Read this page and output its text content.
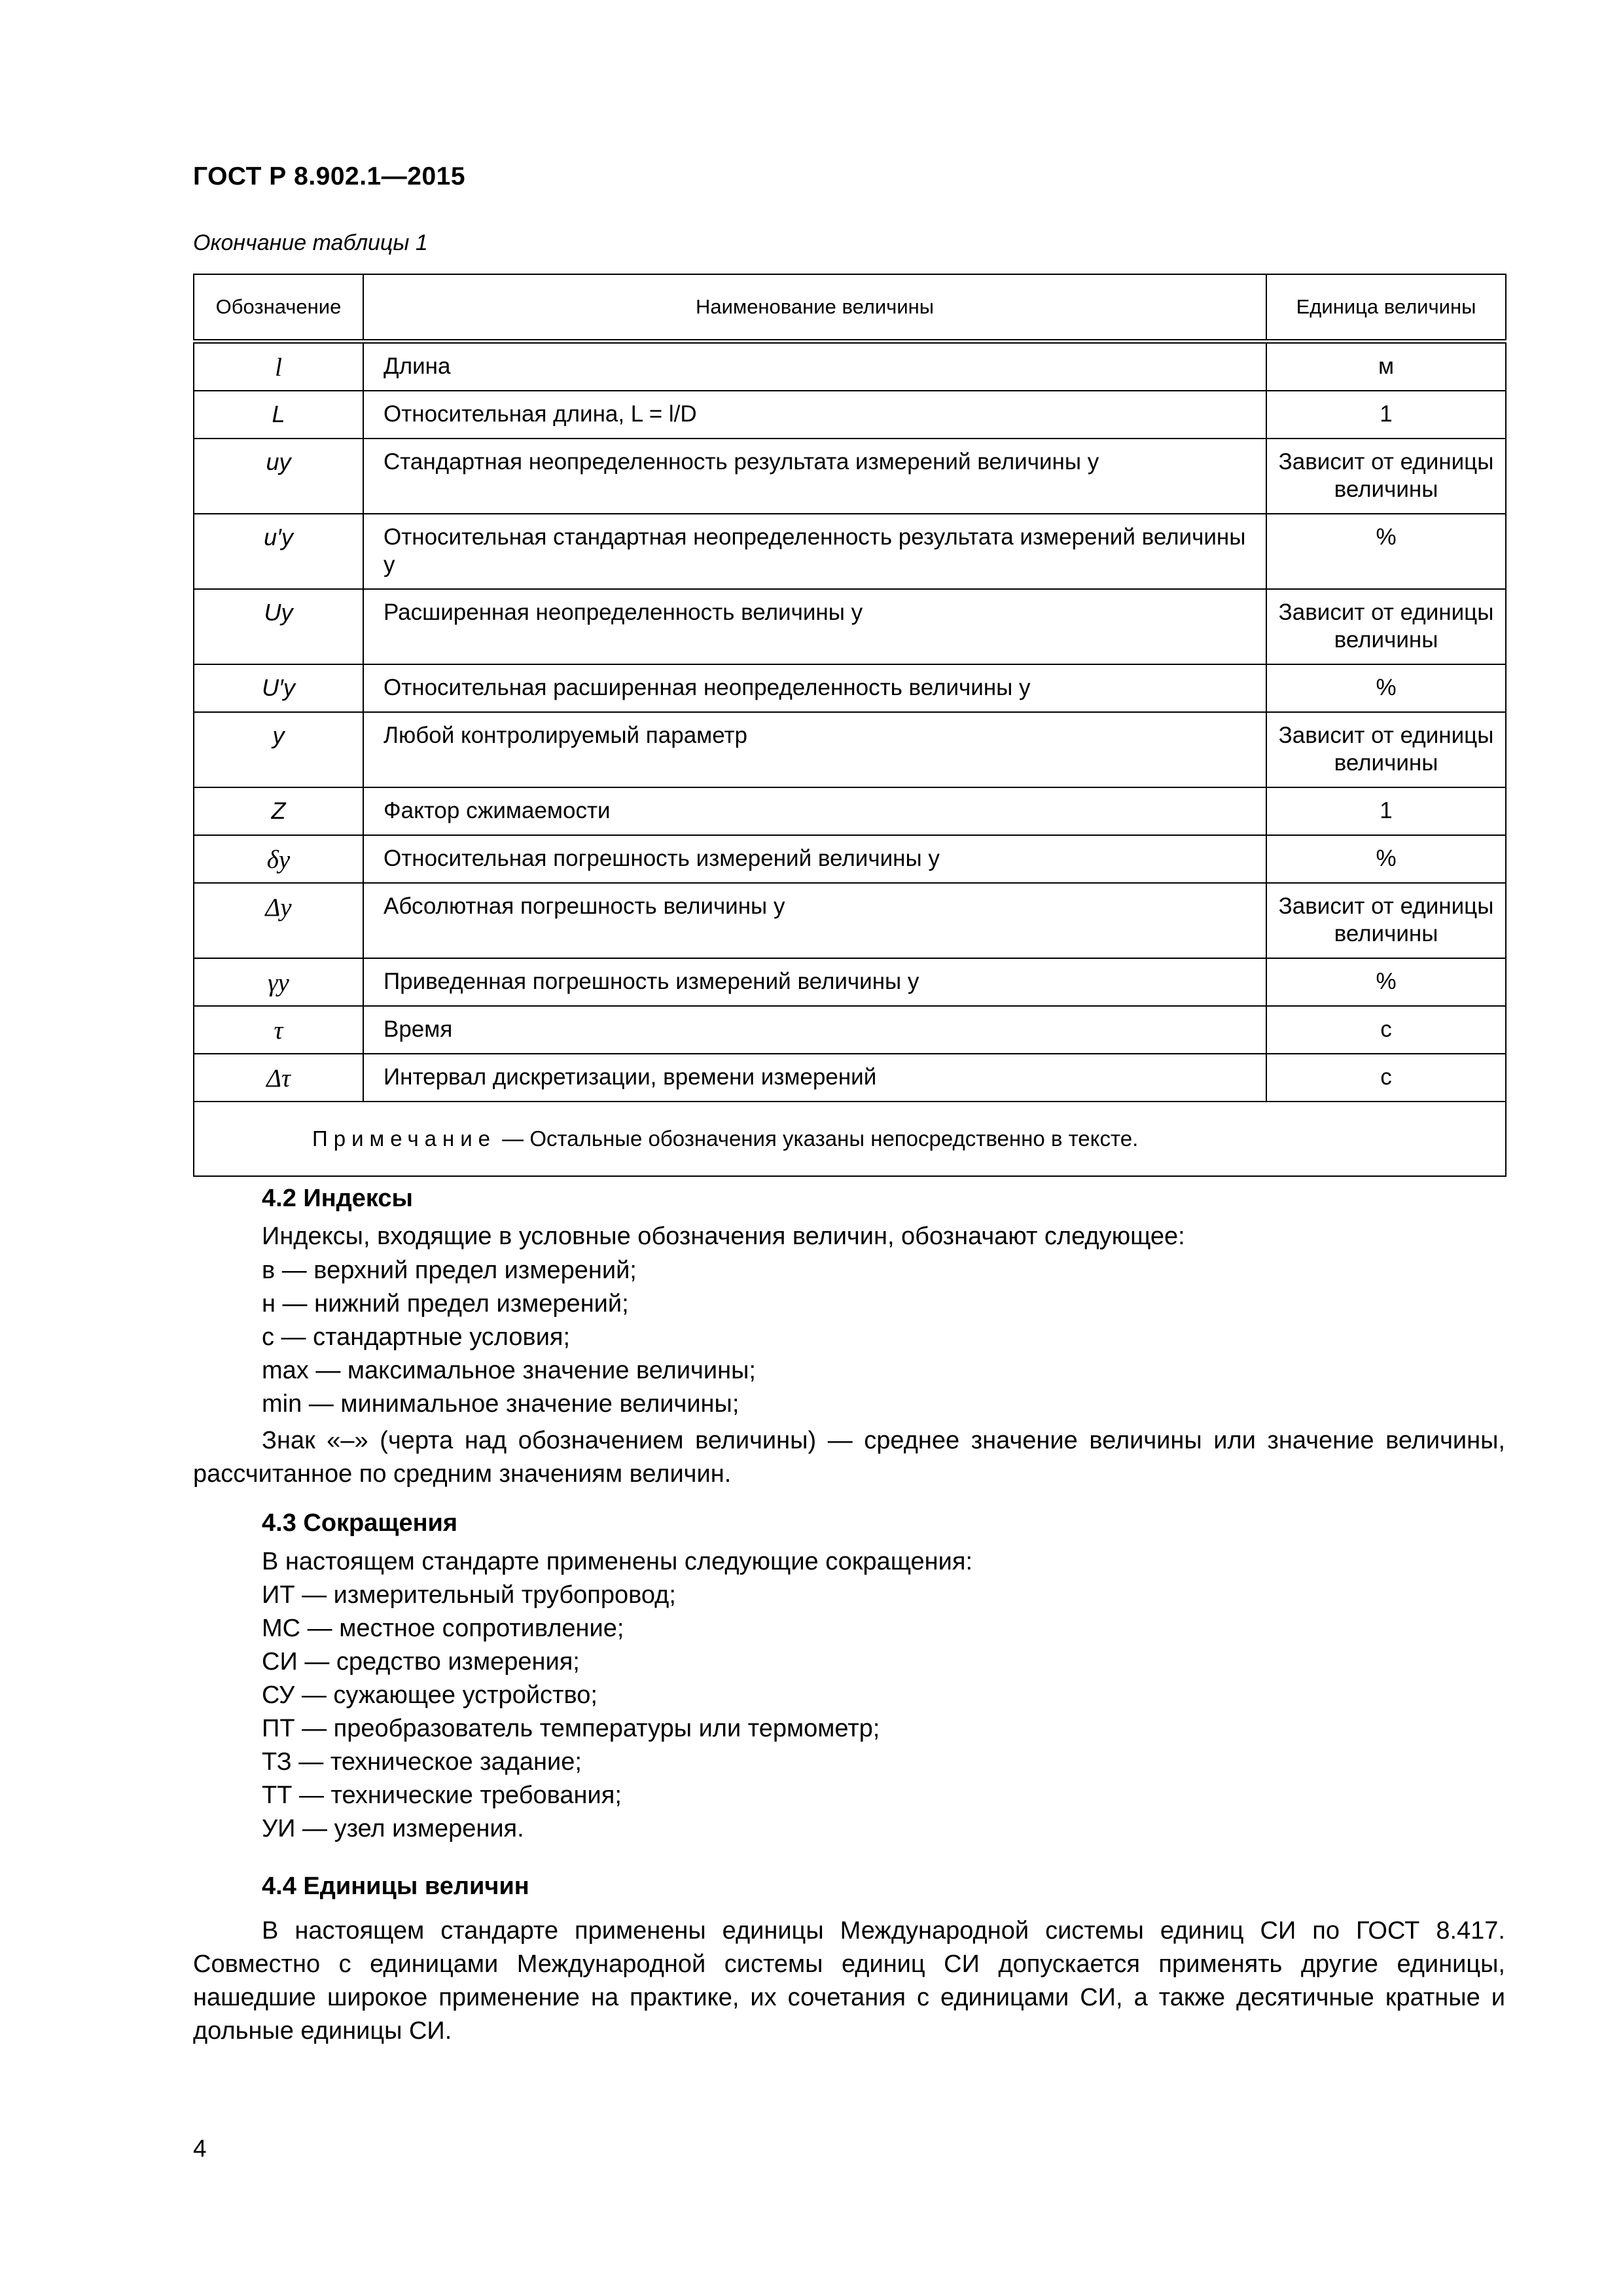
ГОСТ Р 8.902.1—2015
Окончание таблицы 1
Обозначение	Наименование величины	Единица величины
l	Длина	м
L	Относительная длина, L = l/D	1
uy	Стандартная неопределенность результата измерений величины y	Зависит от единицы величины
u′y	Относительная стандартная неопределенность результата измерений величины y	%
Uy	Расширенная неопределенность величины y	Зависит от единицы величины
U′y	Относительная расширенная неопределенность величины y	%
y	Любой контролируемый параметр	Зависит от единицы величины
Z	Фактор сжимаемости	1
δy	Относительная погрешность измерений величины y	%
Δy	Абсолютная погрешность величины y	Зависит от единицы величины
γy	Приведенная погрешность измерений величины y	%
τ	Время	с
Δτ	Интервал дискретизации, времени измерений	с
Примечание — Остальные обозначения указаны непосредственно в тексте.		
4.2 Индексы
Индексы, входящие в условные обозначения величин, обозначают следующее:
в — верхний предел измерений;
н — нижний предел измерений;
с — стандартные условия;
max — максимальное значение величины;
min — минимальное значение величины;
Знак «–» (черта над обозначением величины) — среднее значение величины или значение величины, рассчитанное по средним значениям величин.
4.3 Сокращения
В настоящем стандарте применены следующие сокращения:
ИТ — измерительный трубопровод;
МС — местное сопротивление;
СИ — средство измерения;
СУ — сужающее устройство;
ПТ — преобразователь температуры или термометр;
ТЗ — техническое задание;
ТТ — технические требования;
УИ — узел измерения.
4.4 Единицы величин
В настоящем стандарте применены единицы Международной системы единиц СИ по ГОСТ 8.417. Совместно с единицами Международной системы единиц СИ допускается применять другие единицы, нашедшие широкое применение на практике, их сочетания с единицами СИ, а также десятичные кратные и дольные единицы СИ.
4
